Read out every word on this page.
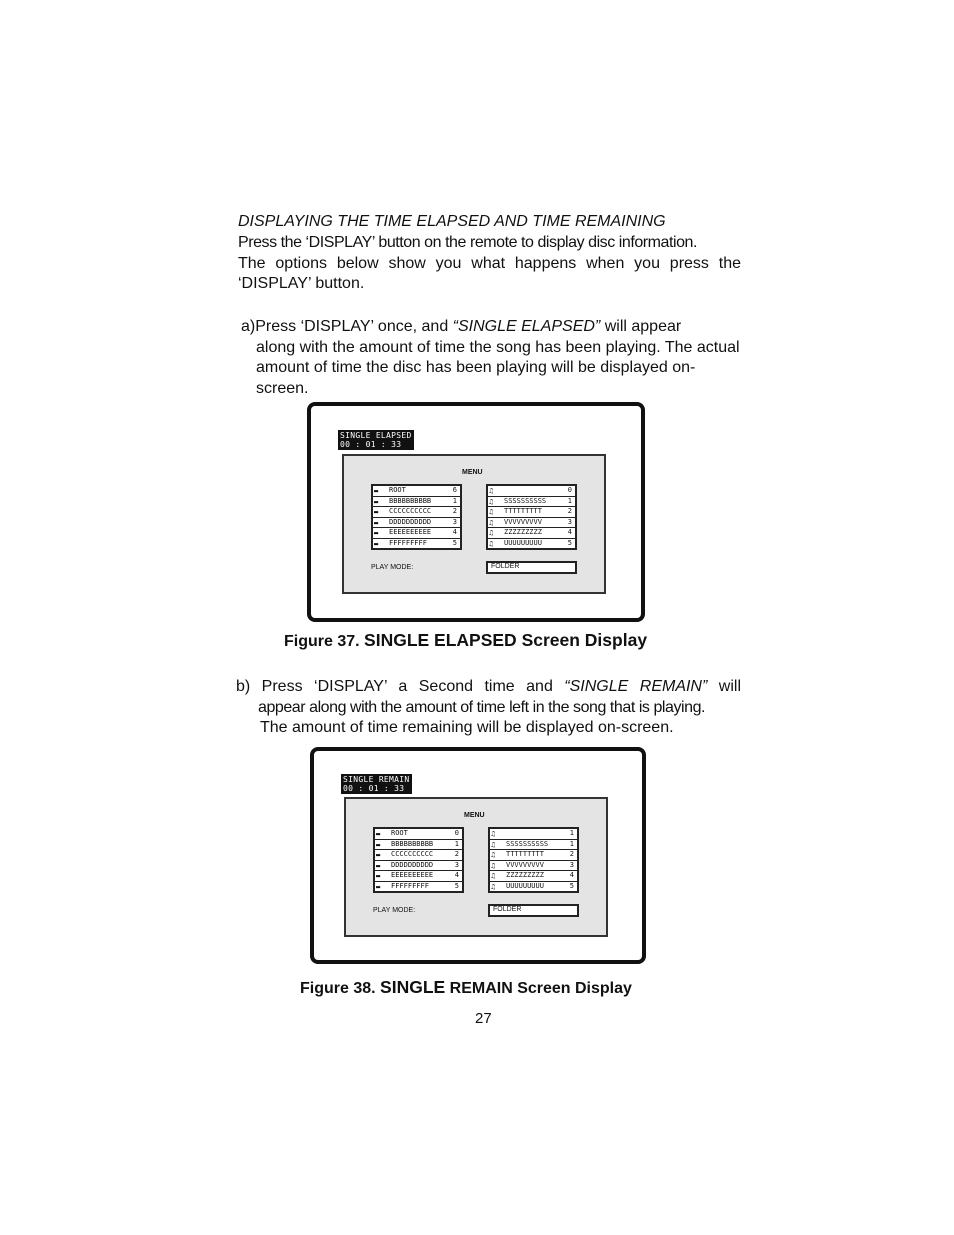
DISPLAYING THE TIME ELAPSED AND TIME REMAINING
Press the ‘DISPLAY’ button on the remote to display disc information.
The options below show you what happens when you press the ‘DISPLAY’ button.
a)Press ‘DISPLAY’ once, and “SINGLE ELAPSED” will appear
along with the amount of time the song has been playing. The actual amount of time the disc has been playing will be displayed on-screen.
SINGLE ELAPSED
00 : 01 : 33
MENU
▬ ROOT	6
▬ BBBBBBBBBB	1
▬ CCCCCCCCCC	2
▬ DDDDDDDDDD	3
▬ EEEEEEEEEE	4
▬ FFFFFFFFF	5
♫	0
♫ SSSSSSSSSS	1
♫ TTTTTTTTT	2
♫ VVVVVVVVV	3
♫ ZZZZZZZZZ	4
♫ UUUUUUUUU	5
PLAY MODE:	FOLDER
Figure 37. SINGLE ELAPSED Screen Display
b) Press ‘DISPLAY’ a Second time and “SINGLE REMAIN” will
appear along with the amount of time left in the song that is playing.
The amount of time remaining will be displayed on-screen.
SINGLE REMAIN
00 : 01 : 33
MENU
▬ ROOT	0
▬ BBBBBBBBBB	1
▬ CCCCCCCCCC	2
▬ DDDDDDDDDD	3
▬ EEEEEEEEEE	4
▬ FFFFFFFFF	5
♫	1
♫ SSSSSSSSSS	1
♫ TTTTTTTTT	2
♫ VVVVVVVVV	3
♫ ZZZZZZZZZ	4
♫ UUUUUUUUU	5
PLAY MODE:	FOLDER
Figure 38. SINGLE REMAIN Screen Display
27
